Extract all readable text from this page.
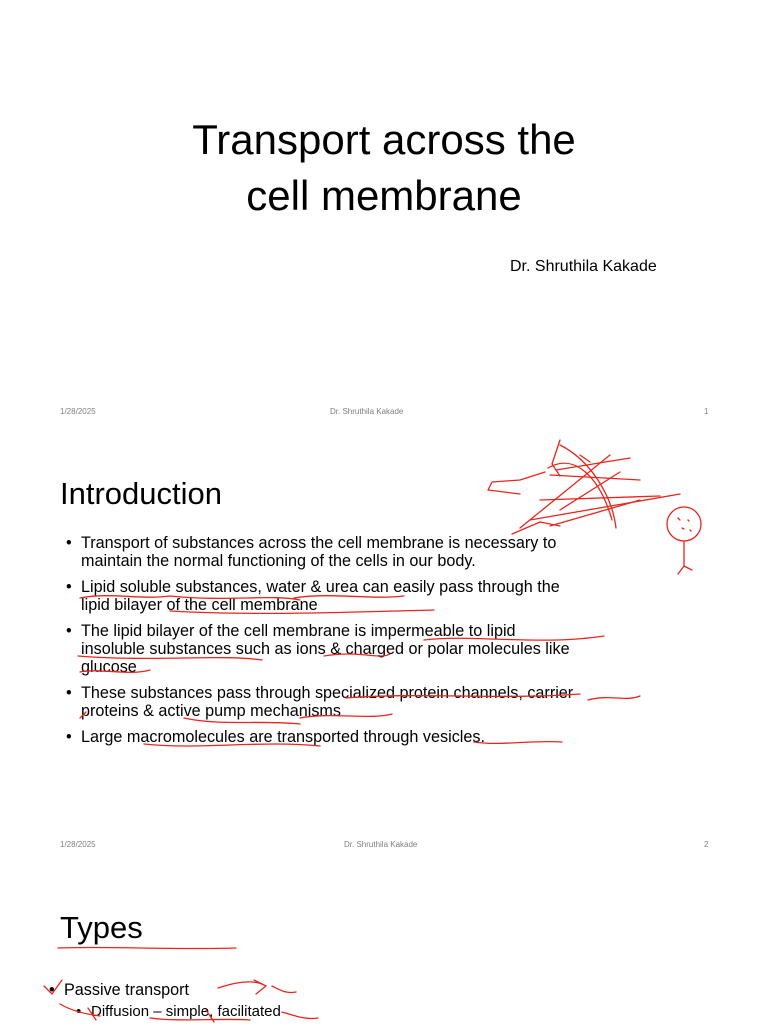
Transport across the
cell membrane
Dr. Shruthila Kakade
1/28/2025	Dr. Shruthila Kakade	1
Introduction
• Transport of substances across the cell membrane is necessary to
maintain the normal functioning of the cells in our body.
• Lipid soluble substances, water & urea can easily pass through the
lipid bilayer of the cell membrane
• The lipid bilayer of the cell membrane is impermeable to lipid
insoluble substances such as ions & charged or polar molecules like
glucose
• These substances pass through specialized protein channels, carrier
proteins & active pump mechanisms
• Large macromolecules are transported through vesicles.
1/28/2025	Dr. Shruthila Kakade	2
Types
• Passive transport
• Diffusion – simple, facilitated
